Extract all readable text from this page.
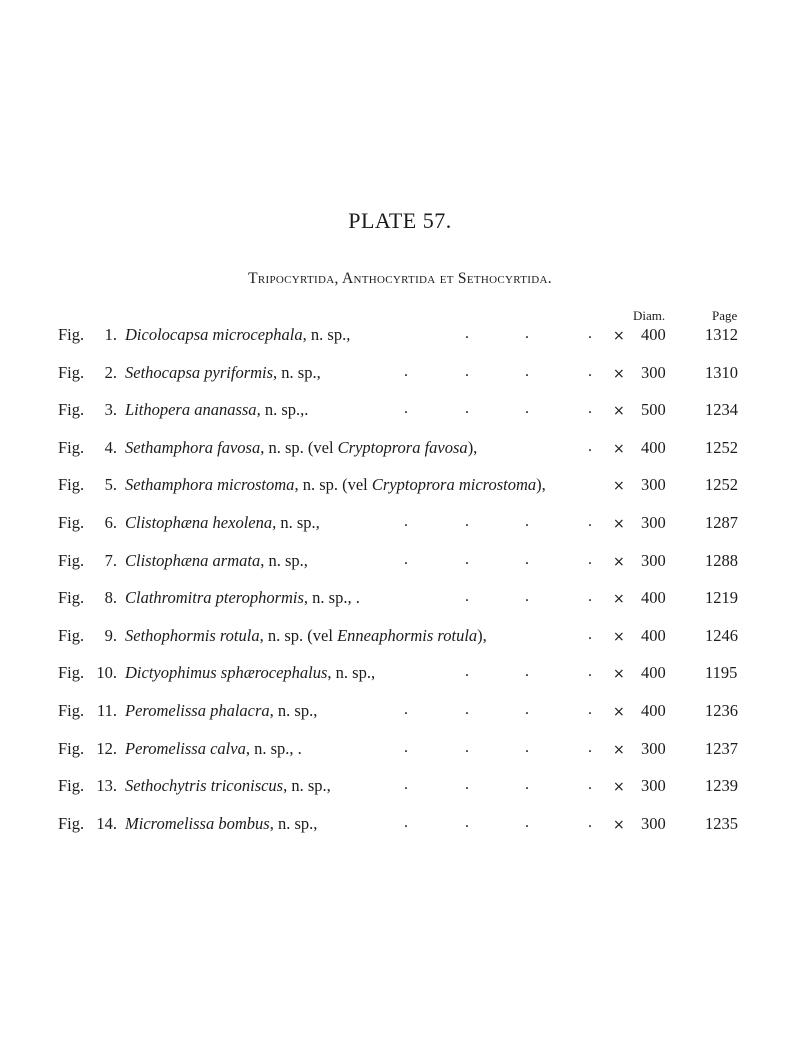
PLATE 57.
Tripocyrtida, Anthocyrtida et Sethocyrtida.
Diam.	Page
Fig. 1. Dicolocapsa microcephala, n. sp.,	.	.	. × 400 1312
Fig. 2. Sethocapsa pyriformis, n. sp.,	.	.	.	. × 300 1310
Fig. 3. Lithopera ananassa, n. sp.,.	.	.	.	. × 500 1234
Fig. 4. Sethamphora favosa, n. sp. (vel Cryptoprora favosa),	. × 400 1252
Fig. 5. Sethamphora microstoma, n. sp. (vel Cryptoprora microstoma),	× 300 1252
Fig. 6. Clistophæna hexolena, n. sp.,	.	.	.	. × 300 1287
Fig. 7. Clistophæna armata, n. sp.,	.	.	.	. × 300 1288
Fig. 8. Clathromitra pterophormis, n. sp., .	.	.	. × 400 1219
Fig. 9. Sethophormis rotula, n. sp. (vel Enneaphormis rotula),	. × 400 1246
Fig. 10. Dictyophimus sphærocephalus, n. sp.,	.	.	. × 400 1195
Fig. 11. Peromelissa phalacra, n. sp.,	.	.	.	. × 400 1236
Fig. 12. Peromelissa calva, n. sp., .	.	.	.	. × 300 1237
Fig. 13. Sethochytris triconiscus, n. sp.,	.	.	.	. × 300 1239
Fig. 14. Micromelissa bombus, n. sp.,	.	.	.	. × 300 1235
